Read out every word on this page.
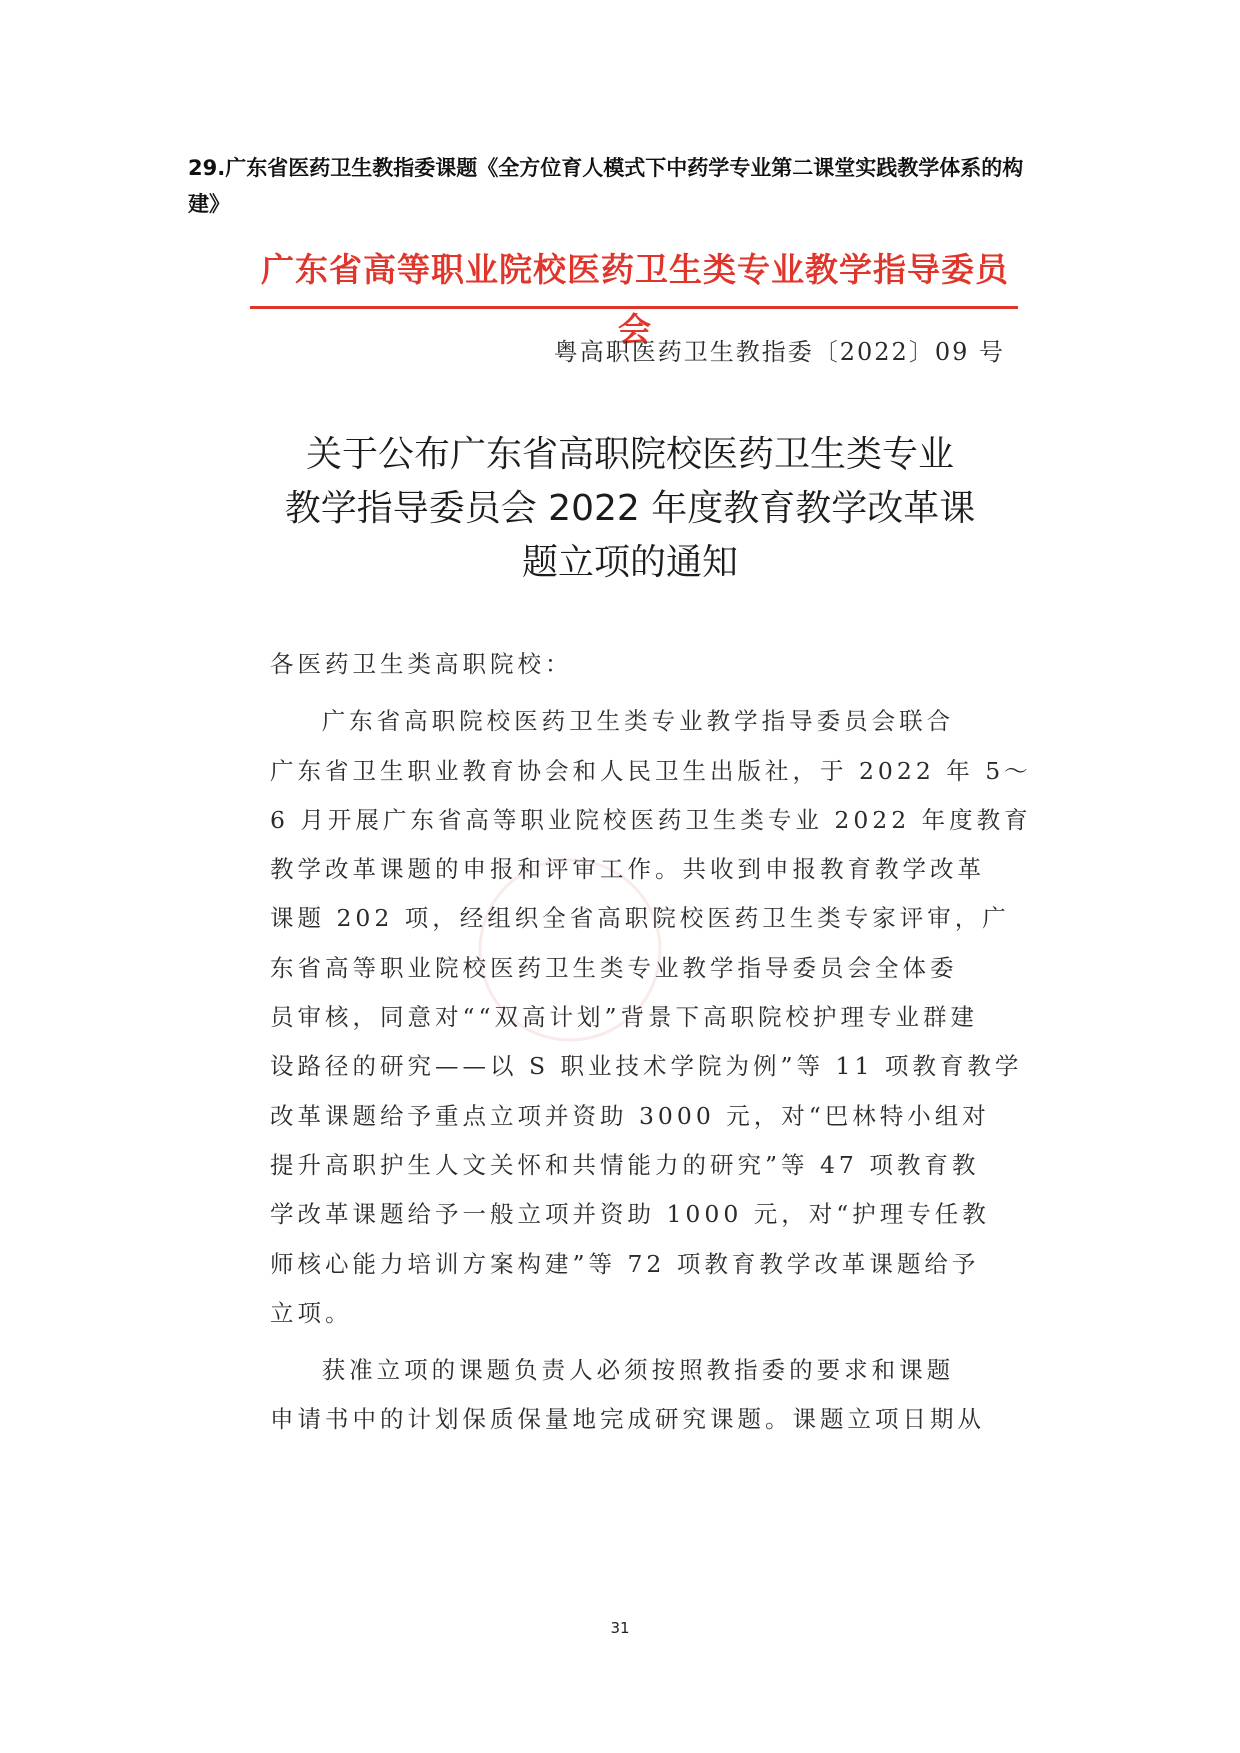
29.广东省医药卫生教指委课题《全方位育人模式下中药学专业第二课堂实践教学体系的构
建》
广东省高等职业院校医药卫生类专业教学指导委员会
粤高职医药卫生教指委〔2022〕09 号
关于公布广东省高职院校医药卫生类专业
教学指导委员会 2022 年度教育教学改革课
题立项的通知
各医药卫生类高职院校：
广东省高职院校医药卫生类专业教学指导委员会联合
广东省卫生职业教育协会和人民卫生出版社，于 2022 年 5～
6 月开展广东省高等职业院校医药卫生类专业 2022 年度教育
教学改革课题的申报和评审工作。共收到申报教育教学改革
课题 202 项，经组织全省高职院校医药卫生类专家评审，广
东省高等职业院校医药卫生类专业教学指导委员会全体委
员审核，同意对““双高计划”背景下高职院校护理专业群建
设路径的研究——以 S 职业技术学院为例”等 11 项教育教学
改革课题给予重点立项并资助 3000 元，对“巴林特小组对
提升高职护生人文关怀和共情能力的研究”等 47 项教育教
学改革课题给予一般立项并资助 1000 元，对“护理专任教
师核心能力培训方案构建”等 72 项教育教学改革课题给予
立项。
获准立项的课题负责人必须按照教指委的要求和课题
申请书中的计划保质保量地完成研究课题。课题立项日期从
31
